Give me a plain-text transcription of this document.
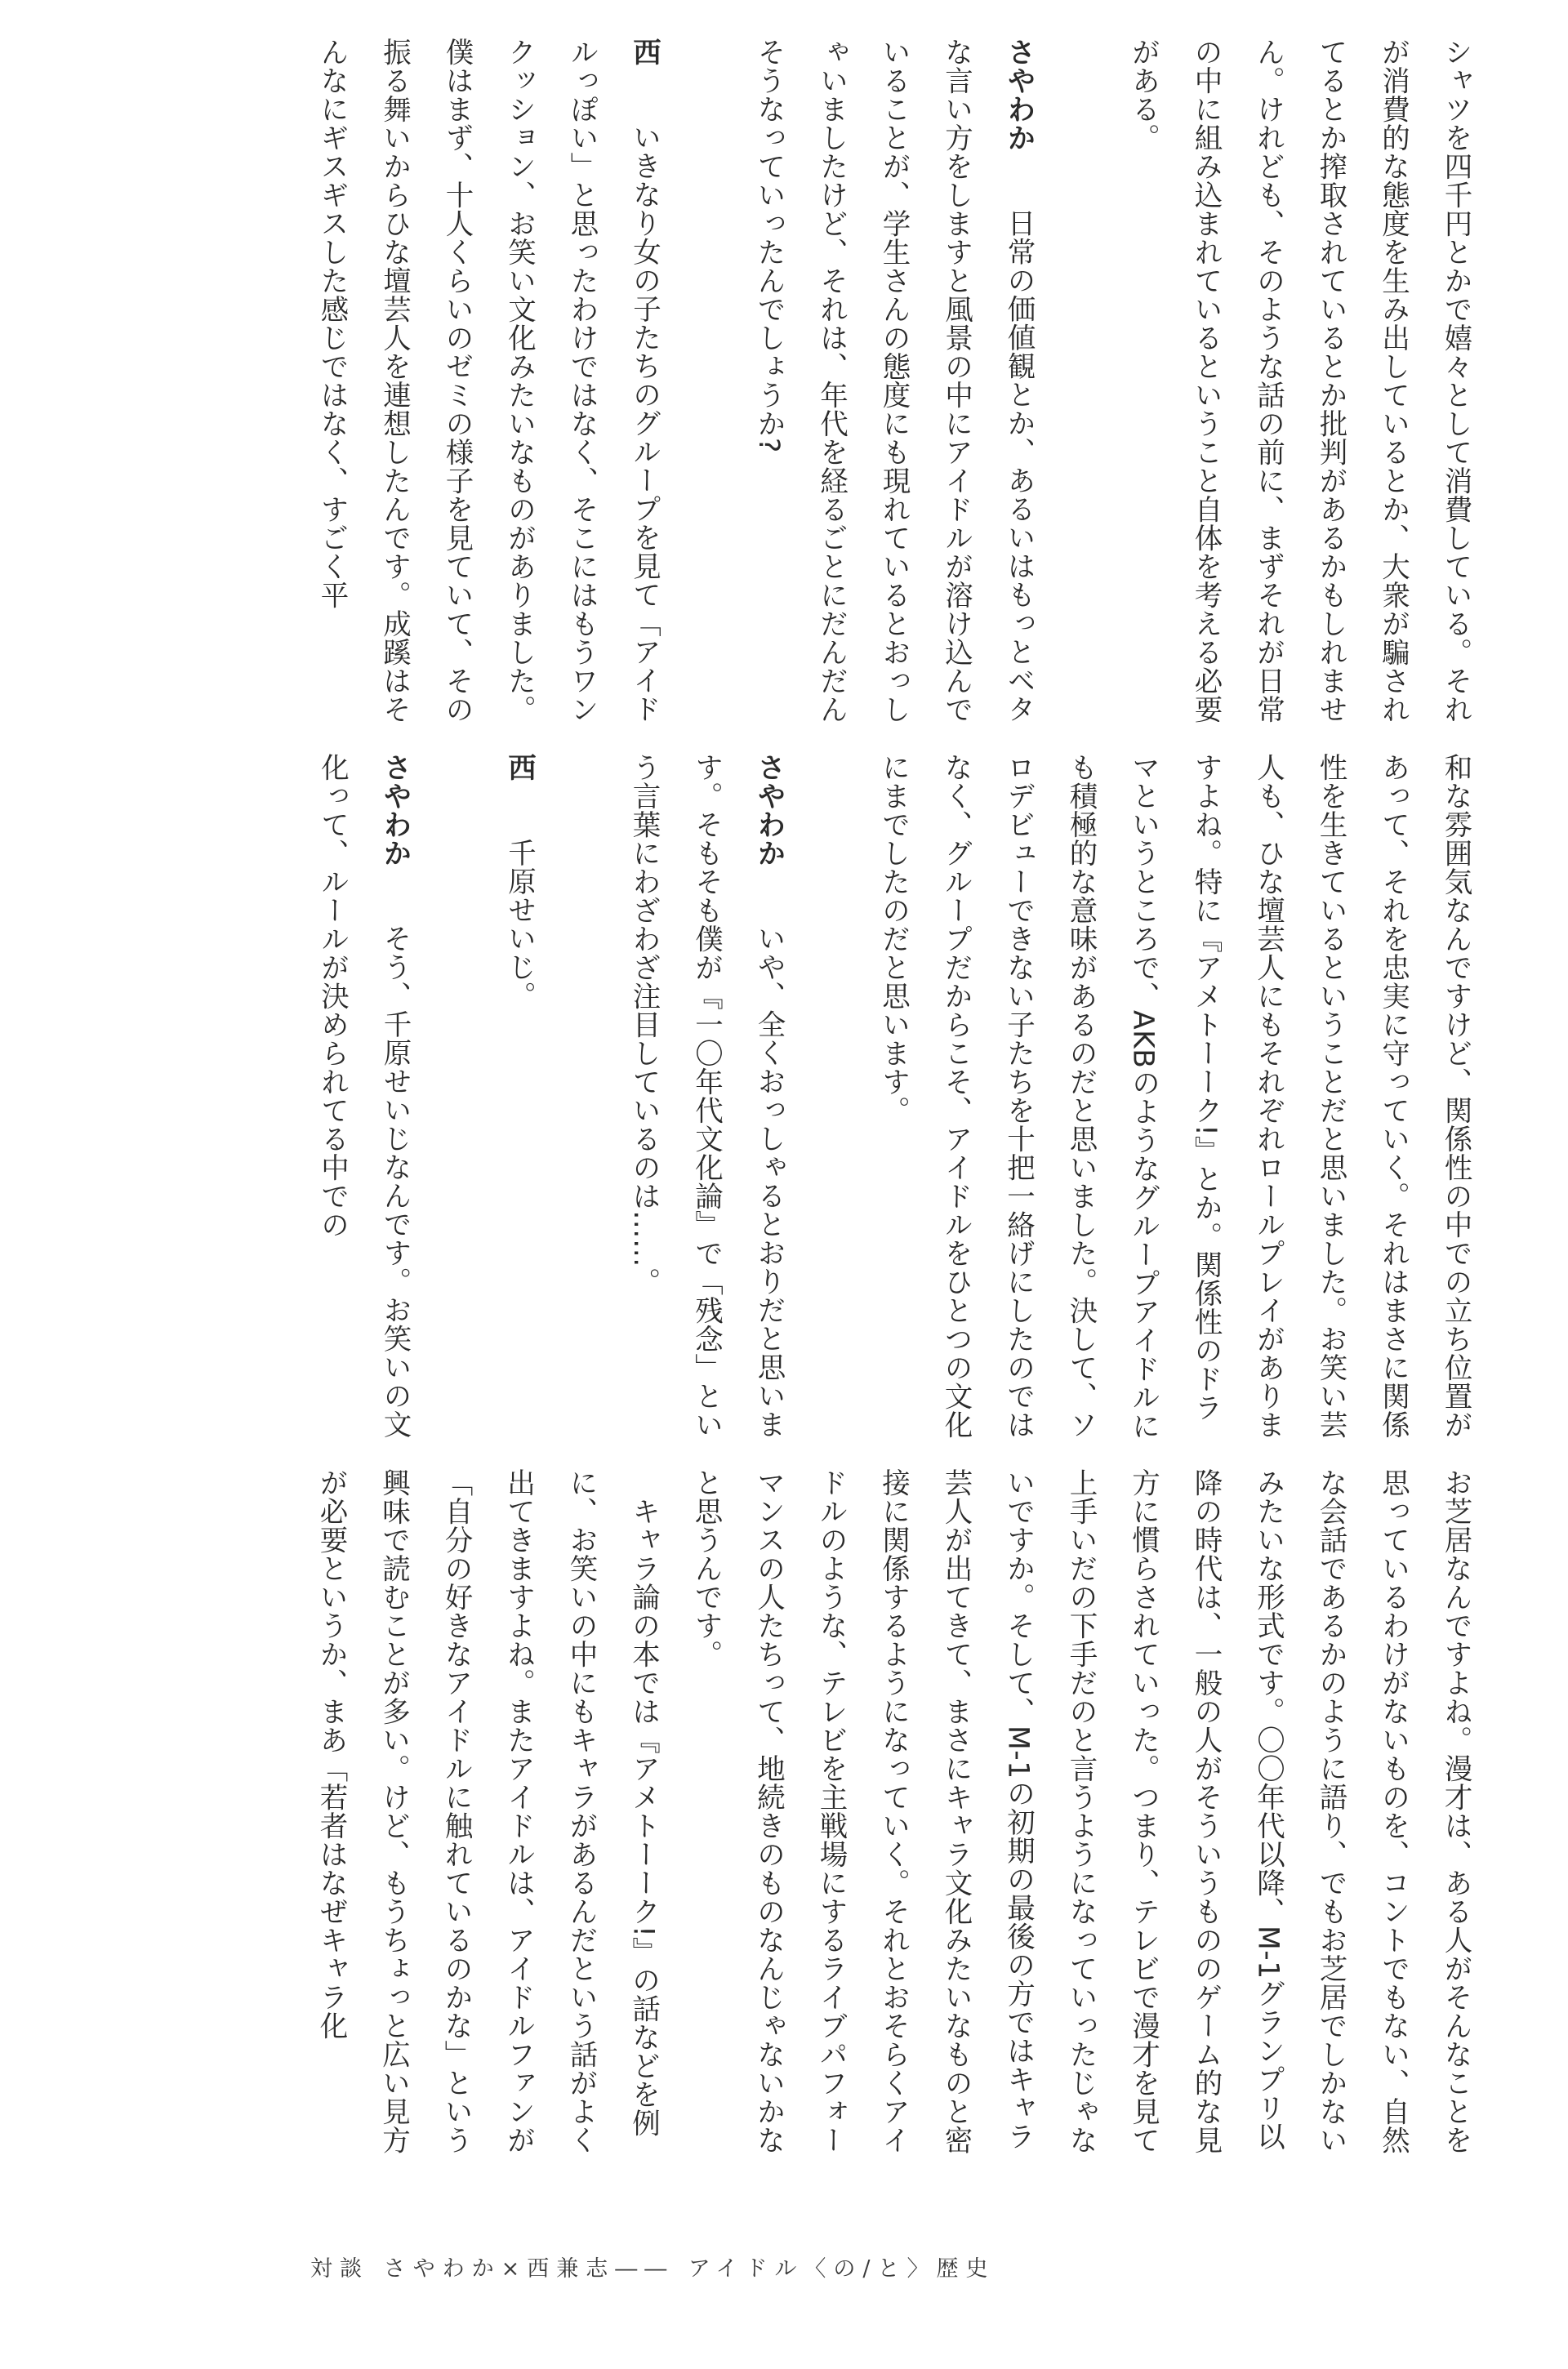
シャツを四千円とかで嬉々として消費している。それが消費的な態度を生み出しているとか、大衆が騙されてるとか搾取されているとか批判があるかもしれません。けれども、そのような話の前に、まずそれが日常の中に組み込まれているということ自体を考える必要がある。

さやわか　日常の価値観とか、あるいはもっとベタな言い方をしますと風景の中にアイドルが溶け込んでいることが、学生さんの態度にも現れているとおっしゃいましたけど、それは、年代を経るごとにだんだんそうなっていったんでしょうか?

西　いきなり女の子たちのグループを見て「アイドルっぽい」と思ったわけではなく、そこにはもうワンクッション、お笑い文化みたいなものがありました。僕はまず、十人くらいのゼミの様子を見ていて、その振る舞いからひな壇芸人を連想したんです。成蹊はそんなにギスギスした感じではなく、すごく平

和な雰囲気なんですけど、関係性の中での立ち位置があって、それを忠実に守っていく。それはまさに関係性を生きているということだと思いました。お笑い芸人も、ひな壇芸人にもそれぞれロールプレイがありますよね。特に『アメトーーク!』とか。関係性のドラマというところで、AKBのようなグループアイドルにも積極的な意味があるのだと思いました。決して、ソロデビューできない子たちを十把一絡げにしたのではなく、グループだからこそ、アイドルをひとつの文化にまでしたのだと思います。

さやわか　いや、全くおっしゃるとおりだと思います。そもそも僕が『一〇年代文化論』で「残念」という言葉にわざわざ注目しているのは……。

西　千原せいじ。

さやわか　そう、千原せいじなんです。お笑いの文化って、ルールが決められてる中での

お芝居なんですよね。漫才は、ある人がそんなことを思っているわけがないものを、コントでもない、自然な会話であるかのように語り、でもお芝居でしかないみたいな形式です。〇〇年代以降、M-1グランプリ以降の時代は、一般の人がそういうもののゲーム的な見方に慣らされていった。つまり、テレビで漫才を見て上手いだの下手だのと言うようになっていったじゃないですか。そして、M-1の初期の最後の方ではキャラ芸人が出てきて、まさにキャラ文化みたいなものと密接に関係するようになっていく。それとおそらくアイドルのような、テレビを主戦場にするライブパフォーマンスの人たちって、地続きのものなんじゃないかなと思うんです。

キャラ論の本では『アメトーーク!』の話などを例に、お笑いの中にもキャラがあるんだという話がよく出てきますよね。またアイドルは、アイドルファンが「自分の好きなアイドルに触れているのかな」という興味で読むことが多い。けど、もうちょっと広い見方が必要というか、まあ「若者はなぜキャラ化

対談 さやわか×西兼志―― アイドル〈の/と〉歴史
